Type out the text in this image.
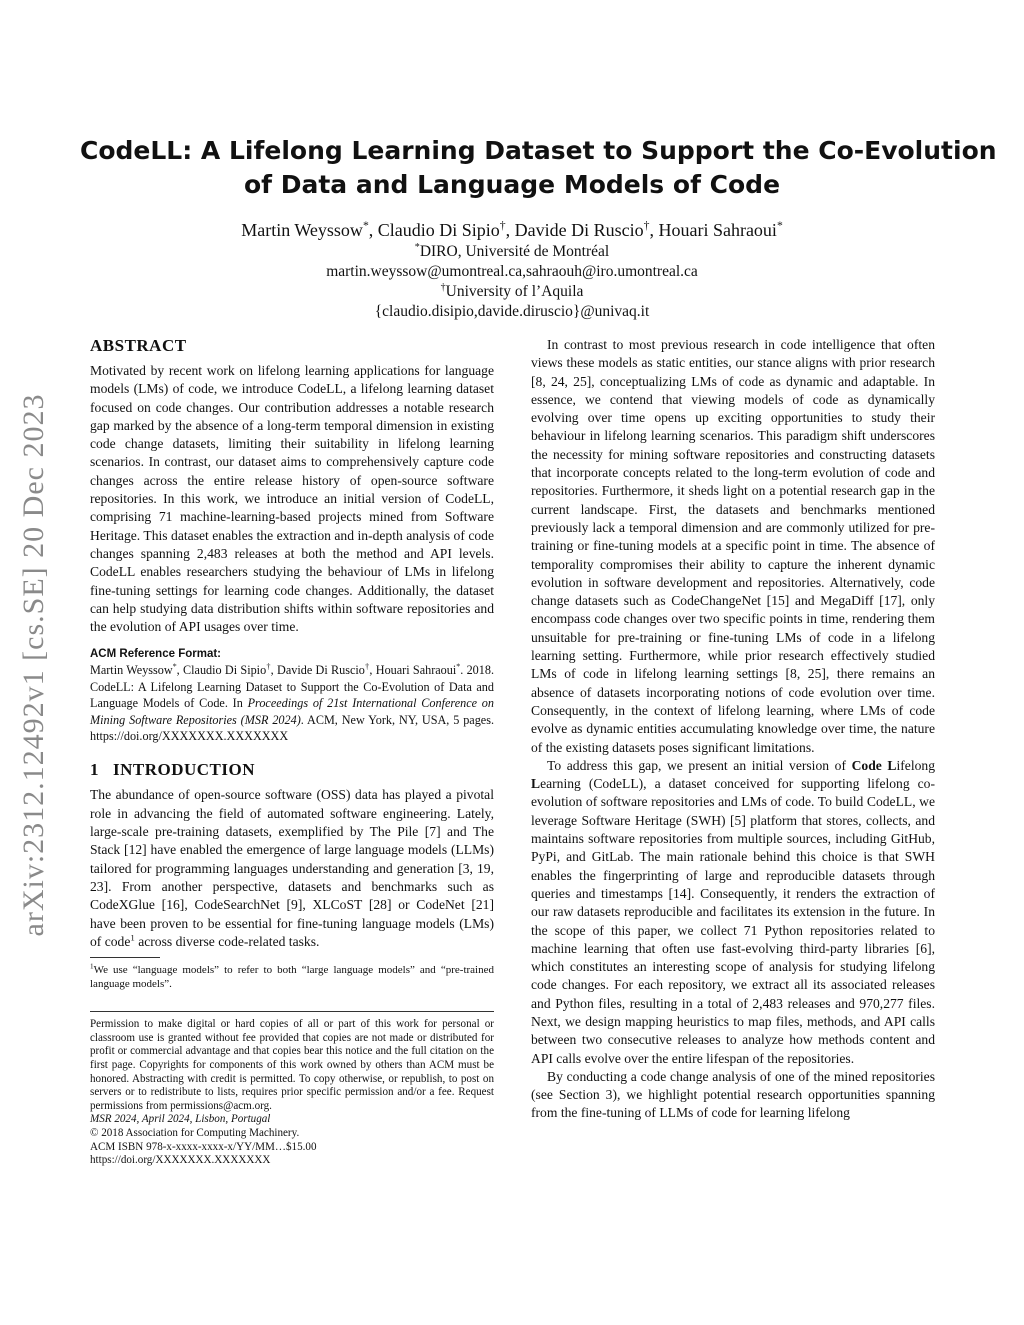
arXiv:2312.12492v1 [cs.SE] 20 Dec 2023
CodeLL: A Lifelong Learning Dataset to Support the Co-Evolution
of Data and Language Models of Code
Martin Weyssow*, Claudio Di Sipio†, Davide Di Ruscio†, Houari Sahraoui*
*DIRO, Université de Montréal
martin.weyssow@umontreal.ca,sahraouh@iro.umontreal.ca
†University of l’Aquila
{claudio.disipio,davide.diruscio}@univaq.it
ABSTRACT

Motivated by recent work on lifelong learning applications for language models (LMs) of code, we introduce CodeLL, a lifelong learning dataset focused on code changes. Our contribution addresses a notable research gap marked by the absence of a long-term temporal dimension in existing code change datasets, limiting their suitability in lifelong learning scenarios. In contrast, our dataset aims to comprehensively capture code changes across the entire release history of open-source software repositories. In this work, we introduce an initial version of CodeLL, comprising 71 machine-learning-based projects mined from Software Heritage. This dataset enables the extraction and in-depth analysis of code changes spanning 2,483 releases at both the method and API levels. CodeLL enables researchers studying the behaviour of LMs in lifelong fine-tuning settings for learning code changes. Additionally, the dataset can help studying data distribution shifts within software repositories and the evolution of API usages over time.

ACM Reference Format:
Martin Weyssow*, Claudio Di Sipio†, Davide Di Ruscio†, Houari Sahraoui*. 2018. CodeLL: A Lifelong Learning Dataset to Support the Co-Evolution of Data and Language Models of Code. In Proceedings of 21st International Conference on Mining Software Repositories (MSR 2024). ACM, New York, NY, USA, 5 pages. https://doi.org/XXXXXXX.XXXXXXX
1 INTRODUCTION

The abundance of open-source software (OSS) data has played a pivotal role in advancing the field of automated software engineering. Lately, large-scale pre-training datasets, exemplified by The Pile [7] and The Stack [12] have enabled the emergence of large language models (LLMs) tailored for programming languages understanding and generation [3, 19, 23]. From another perspective, datasets and benchmarks such as CodeXGlue [16], CodeSearchNet [9], XLCoST [28] or CodeNet [21] have been proven to be essential for fine-tuning language models (LMs) of code$^1$ across diverse code-related tasks.

$^1$We use “language models” to refer to both “large language models” and “pre-trained language models”.
Permission to make digital or hard copies of all or part of this work for personal or classroom use is granted without fee provided that copies are not made or distributed for profit or commercial advantage and that copies bear this notice and the full citation on the first page. Copyrights for components of this work owned by others than ACM must be honored. Abstracting with credit is permitted. To copy otherwise, or republish, to post on servers or to redistribute to lists, requires prior specific permission and/or a fee. Request permissions from permissions@acm.org.
MSR 2024, April 2024, Lisbon, Portugal
© 2018 Association for Computing Machinery.
ACM ISBN 978-x-xxxx-xxxx-x/YY/MM…$15.00
https://doi.org/XXXXXXX.XXXXXXX

In contrast to most previous research in code intelligence that often views these models as static entities, our stance aligns with prior research [8, 24, 25], conceptualizing LMs of code as dynamic and adaptable. In essence, we contend that viewing models of code as dynamically evolving over time opens up exciting opportunities to study their behaviour in lifelong learning scenarios. This paradigm shift underscores the necessity for mining software repositories and constructing datasets that incorporate concepts related to the long-term evolution of code and repositories. Furthermore, it sheds light on a potential research gap in the current landscape. First, the datasets and benchmarks mentioned previously lack a temporal dimension and are commonly utilized for pre-training or fine-tuning models at a specific point in time. The absence of temporality compromises their ability to capture the inherent dynamic evolution in software development and repositories. Alternatively, code change datasets such as CodeChangeNet [15] and MegaDiff [17], only encompass code changes over two specific points in time, rendering them unsuitable for pre-training or fine-tuning LMs of code in a lifelong learning setting. Furthermore, while prior research effectively studied LMs of code in lifelong learning settings [8, 25], there remains an absence of datasets incorporating notions of code evolution over time. Consequently, in the context of lifelong learning, where LMs of code evolve as dynamic entities accumulating knowledge over time, the nature of the existing datasets poses significant limitations.

To address this gap, we present an initial version of Code Lifelong Learning (CodeLL), a dataset conceived for supporting lifelong co-evolution of software repositories and LMs of code. To build CodeLL, we leverage Software Heritage (SWH) [5] platform that stores, collects, and maintains software repositories from multiple sources, including GitHub, PyPi, and GitLab. The main rationale behind this choice is that SWH enables the fingerprinting of large and reproducible datasets through queries and timestamps [14]. Consequently, it renders the extraction of our raw datasets reproducible and facilitates its extension in the future. In the scope of this paper, we collect 71 Python repositories related to machine learning that often use fast-evolving third-party libraries [6], which constitutes an interesting scope of analysis for studying lifelong code changes. For each repository, we extract all its associated releases and Python files, resulting in a total of 2,483 releases and 970,277 files. Next, we design mapping heuristics to map files, methods, and API calls between two consecutive releases to analyze how methods content and API calls evolve over the entire lifespan of the repositories.

By conducting a code change analysis of one of the mined repositories (see Section 3), we highlight potential research opportunities spanning from the fine-tuning of LLMs of code for learning lifelong
